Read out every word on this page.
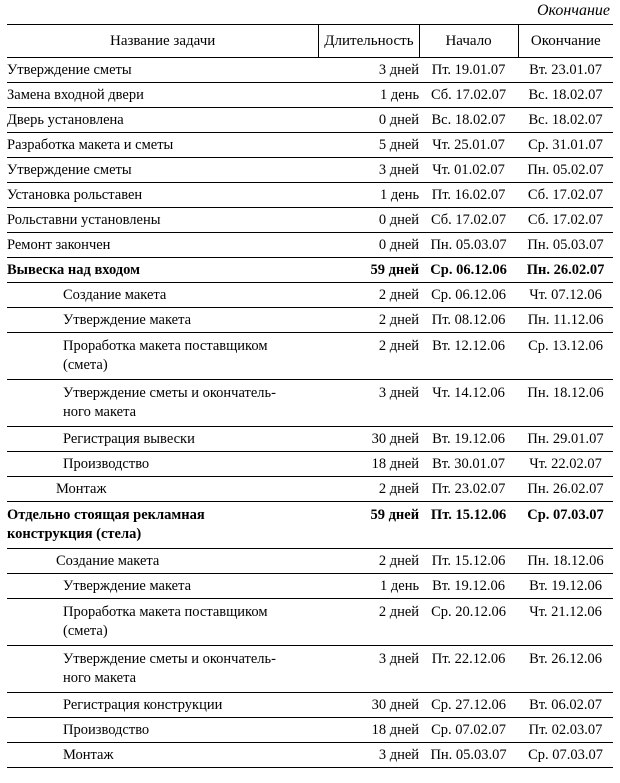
Окончание
Название задачи	Длительность	Начало	Окончание

Утверждение сметы	3 дней	Пт. 19.01.07	Вт. 23.01.07

Замена входной двери	1 день	Сб. 17.02.07	Вс. 18.02.07

Дверь установлена	0 дней	Вс. 18.02.07	Вс. 18.02.07

Разработка макета и сметы	5 дней	Чт. 25.01.07	Ср. 31.01.07

Утверждение сметы	3 дней	Чт. 01.02.07	Пн. 05.02.07

Установка рольставен	1 день	Пт. 16.02.07	Сб. 17.02.07

Рольставни установлены	0 дней	Сб. 17.02.07	Сб. 17.02.07

Ремонт закончен	0 дней	Пн. 05.03.07	Пн. 05.03.07

Вывеска над входом	59 дней	Ср. 06.12.06	Пн. 26.02.07

Создание макета	2 дней	Ср. 06.12.06	Чт. 07.12.06

Утверждение макета	2 дней	Пт. 08.12.06	Пн. 11.12.06

Проработка макета поставщиком
(смета)	2 дней	Вт. 12.12.06	Ср. 13.12.06

Утверждение сметы и окончатель-
ного макета	3 дней	Чт. 14.12.06	Пн. 18.12.06

Регистрация вывески	30 дней	Вт. 19.12.06	Пн. 29.01.07

Производство	18 дней	Вт. 30.01.07	Чт. 22.02.07

Монтаж	2 дней	Пт. 23.02.07	Пн. 26.02.07

Отдельно стоящая рекламная
конструкция (стела)	59 дней	Пт. 15.12.06	Ср. 07.03.07

Создание макета	2 дней	Пт. 15.12.06	Пн. 18.12.06

Утверждение макета	1 день	Вт. 19.12.06	Вт. 19.12.06

Проработка макета поставщиком
(смета)	2 дней	Ср. 20.12.06	Чт. 21.12.06

Утверждение сметы и окончатель-
ного макета	3 дней	Пт. 22.12.06	Вт. 26.12.06

Регистрация конструкции	30 дней	Ср. 27.12.06	Вт. 06.02.07

Производство	18 дней	Ср. 07.02.07	Пт. 02.03.07

Монтаж	3 дней	Пн. 05.03.07	Ср. 07.03.07
